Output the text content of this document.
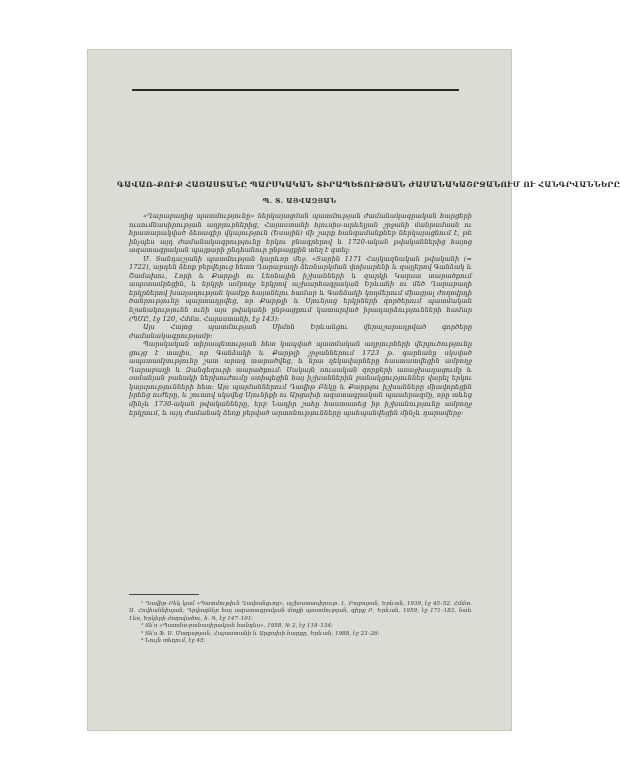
ԳԱՎԱՌ-ՔՈՒՔ ՀԱՅԱՍՏԱՆԸ ՊԱՐՍԿԱԿԱՆ ՏԻՐԱՊԵՏՈՒԹՅԱՆ ԺԱՄԱՆԱԿԱՇՐՋԱՆՈՒՄ ՈՒ ՀԱՆԳՐՎԱՆՆԵՐԸ
Պ. Տ. ԱՅՎԱԶՅԱՆ

«Ղարաբաղից պատմությունը» ներկայացման պատմության ժամանակագրական հարցերի ուսումնասիրության աղբյուրներից, Հայաստանի հյուսիս-արևելյան շրջանի մանրամասն ու հրատարակված ձեռագիր վկայություն (Եսային) մի շարք հանգամանքներ ներկայացնում է, թե ինչպես այդ ժամանակագրությունը երկու բնագրերով և 1720-ական թվականներից հայոց ազատագրական պայքարի ընդհանուր ընթացքին տեղ է գտել։

Մ. Տանդաշյանի պատմության կարևոր մեջ. «Տարին 1171 Հայկազնական թվականի (= 1722), արդեն ձեռք բերվելուց հետո Ղարաբաղի ձեռնարկման փոխարենի և զայլերով Գանձակ և Շամախու, Լորի և Քարթլի ու Լեռնային իշխանների և զարկի Կարսա տարածքում ապստամբեցին, և երկրի ամբողջ երկրով աշխարհագրական Երևանի ու մեծ Ղարաբաղի երկրներով խաղաղության կամքը հայտնելու համար և Գանձակի կողմերում միացյալ ժողովրդի ծանրությունը պարտադրվեց, որ Քարթլի և Սյունյաց երկրների գործերում պատմական նշանակությունն ունի այս թվականի ընթացքում կատարված իրադարձությունների համար (ՊՄԸ, էջ 120, Հմմտ. Հայաստանի, էջ 143)։

Այս Հայոց պատմության Սիմոն Երևանցու վերաշարադրված գործերը ժամանակագրությամբ։

Պարսկական տիրապետության հետ կապված պատմական աղբյուրների վերլուծությունը ցույց է տալիս, որ Գանձակի և Քարթլի շրջաններում 1723 թ. գարնանը սկսված ապստամբությունը շատ արագ տարածվեց, և նրա ղեկավարները հաստատվեցին ամբողջ Ղարաբաղի և Զանգեզուրի տարածքում։ Սակայն ռուսական զորքերի առաջխաղացումը և օսմանյան բանակի ներխուժումը ստիպեցին հայ իշխաններին բանակցություններ վարել երկու կայսրությունների հետ։ Այս պայմաններում Դավիթ Բեկը և Քարթլու իշխանները միավորեցին իրենց ուժերը, և շուտով սկսվեց Սյունիքի ու Արցախի ազատագրական պատերազմը, որը տևեց մինչև 1730-ական թվականները, երբ Նադիր շահը հաստատեց իր իշխանությունը ամբողջ երկրում, և այդ ժամանակ ձեռք բերված արտոնությունները պահպանվեցին մինչև դարավերջ։

¹ Դավիթ Բեկ կամ «Պատմութիւն Ղափանցւոց», աշխատասիրութ. Լ. Բաբայան, Երևան, 1939, էջ 45–52. Հմմտ. Ա. Հովհաննիսյան, Դրվագներ հայ ազատագրական մտքի պատմության, գիրք Բ, Երևան, 1959, էջ 171–183, նաև Լեո, Երկերի ժողովածու, հ. Գ, էջ 147–191։

² Տե՛ս «Պատմա-բանասիրական հանդես», 1958, № 2, էջ 118–134։

³ Տե՛ս Ֆ. Ս. Մադաթյան, Հայաստանի և Արցախի հարցը, Երևան, 1988, էջ 23–26։

⁴ Նույն տեղում, էջ 45։
